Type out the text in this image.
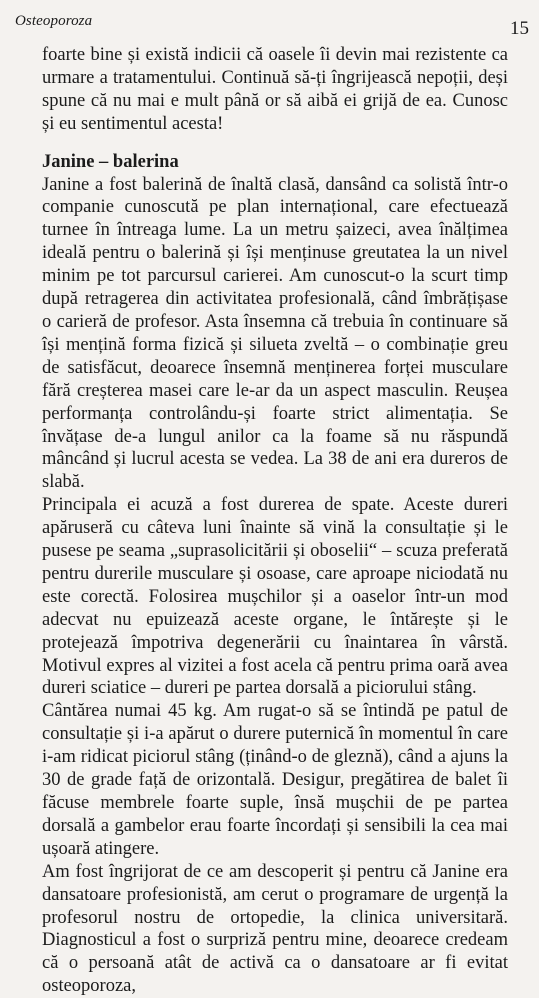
Osteoporoza	15

foarte bine și există indicii că oasele îi devin mai rezistente ca urmare a tratamentului. Continuă să-ți îngrijească nepoții, deși spune că nu mai e mult până or să aibă ei grijă de ea. Cunosc și eu sentimentul acesta!

Janine – balerina

Janine a fost balerină de înaltă clasă, dansând ca solistă într-o companie cunoscută pe plan internațional, care efectuează turnee în întreaga lume. La un metru șaizeci, avea înălțimea ideală pentru o balerină și își menținuse greutatea la un nivel minim pe tot parcursul carierei. Am cunoscut-o la scurt timp după retragerea din activitatea profesională, când îmbrățișase o carieră de profesor. Asta însemna că trebuia în continuare să își mențină forma fizică și silueta zveltă – o combinație greu de satisfăcut, deoarece însemnă menținerea forței musculare fără creșterea masei care le-ar da un aspect masculin. Reușea performanța controlându-și foarte strict alimentația. Se învățase de-a lungul anilor ca la foame să nu răspundă mâncând și lucrul acesta se vedea. La 38 de ani era dureros de slabă.

Principala ei acuză a fost durerea de spate. Aceste dureri apăruseră cu câteva luni înainte să vină la consultație și le pusese pe seama „suprasolicitării și oboselii“ – scuza preferată pentru durerile musculare și osoase, care aproape niciodată nu este corectă. Folosirea mușchilor și a oaselor într-un mod adecvat nu epuizează aceste organe, le întărește și le protejează împotriva degenerării cu înaintarea în vârstă. Motivul expres al vizitei a fost acela că pentru prima oară avea dureri sciatice – dureri pe partea dorsală a piciorului stâng.

Cântărea numai 45 kg. Am rugat-o să se întindă pe patul de consultație și i-a apărut o durere puternică în momentul în care i-am ridicat piciorul stâng (ținând-o de gleznă), când a ajuns la 30 de grade față de orizontală. Desigur, pregătirea de balet îi făcuse membrele foarte suple, însă mușchii de pe partea dorsală a gambelor erau foarte încordați și sensibili la cea mai ușoară atingere.

Am fost îngrijorat de ce am descoperit și pentru că Janine era dansatoare profesionistă, am cerut o programare de urgență la profesorul nostru de ortopedie, la clinica universitară. Diagnosticul a fost o surpriză pentru mine, deoarece credeam că o persoană atât de activă ca o dansatoare ar fi evitat osteoporoza,
